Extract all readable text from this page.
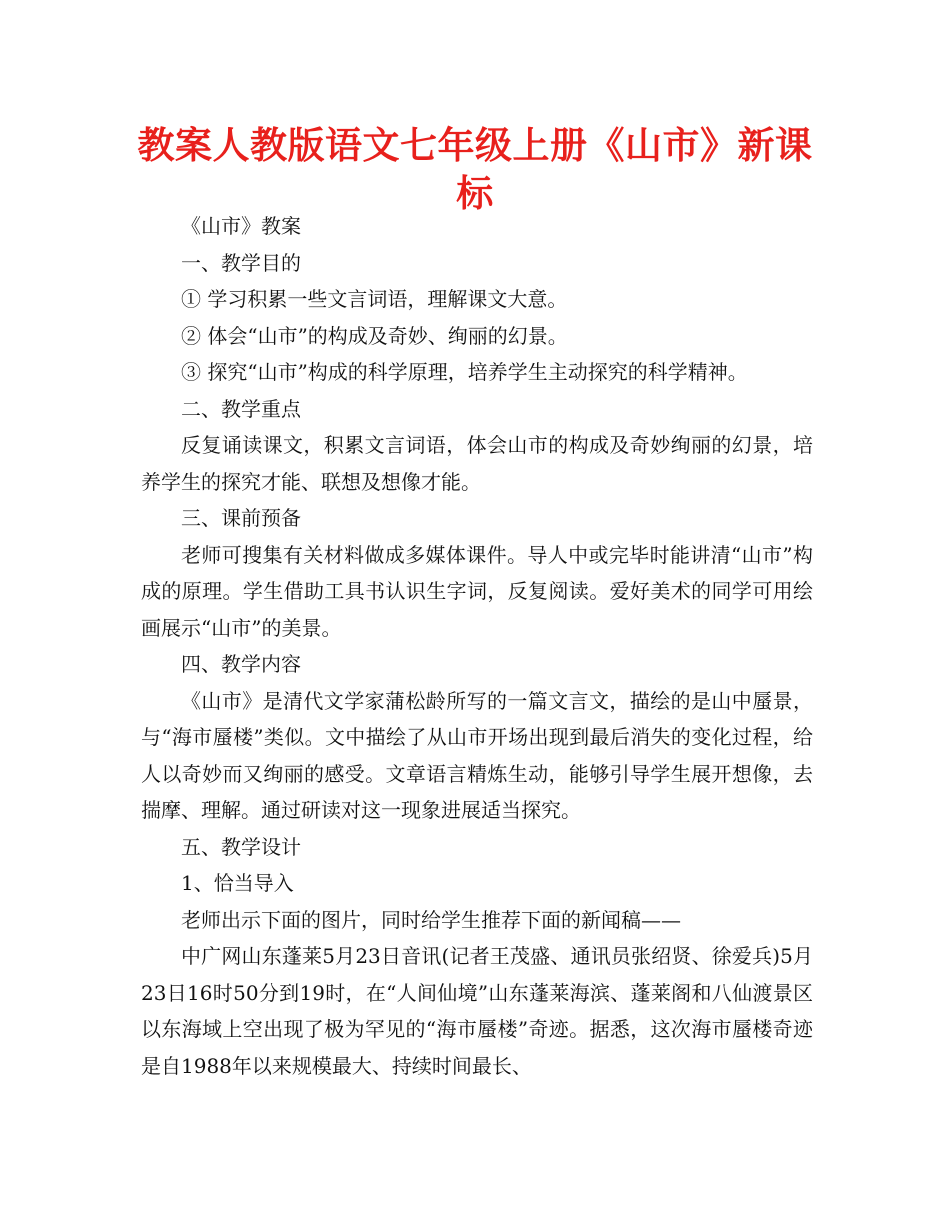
教案人教版语文七年级上册《山市》新课标

《山市》教案

一、教学目的

① 学习积累一些文言词语，理解课文大意。

② 体会“山市”的构成及奇妙、绚丽的幻景。

③ 探究“山市”构成的科学原理，培养学生主动探究的科学精神。

二、教学重点

反复诵读课文，积累文言词语，体会山市的构成及奇妙绚丽的幻景，培养学生的探究才能、联想及想像才能。

三、课前预备

老师可搜集有关材料做成多媒体课件。导人中或完毕时能讲清“山市”构成的原理。学生借助工具书认识生字词，反复阅读。爱好美术的同学可用绘画展示“山市”的美景。

四、教学内容

《山市》是清代文学家蒲松龄所写的一篇文言文，描绘的是山中蜃景，与“海市蜃楼”类似。文中描绘了从山市开场出现到最后消失的变化过程，给人以奇妙而又绚丽的感受。文章语言精炼生动，能够引导学生展开想像，去揣摩、理解。通过研读对这一现象进展适当探究。

五、教学设计

1、恰当导入

老师出示下面的图片，同时给学生推荐下面的新闻稿——

中广网山东蓬莱5月23日音讯(记者王茂盛、通讯员张绍贤、徐爱兵)5月23日16时50分到19时，在“人间仙境”山东蓬莱海滨、蓬莱阁和八仙渡景区以东海域上空出现了极为罕见的“海市蜃楼”奇迹。据悉，这次海市蜃楼奇迹是自1988年以来规模最大、持续时间最长、
